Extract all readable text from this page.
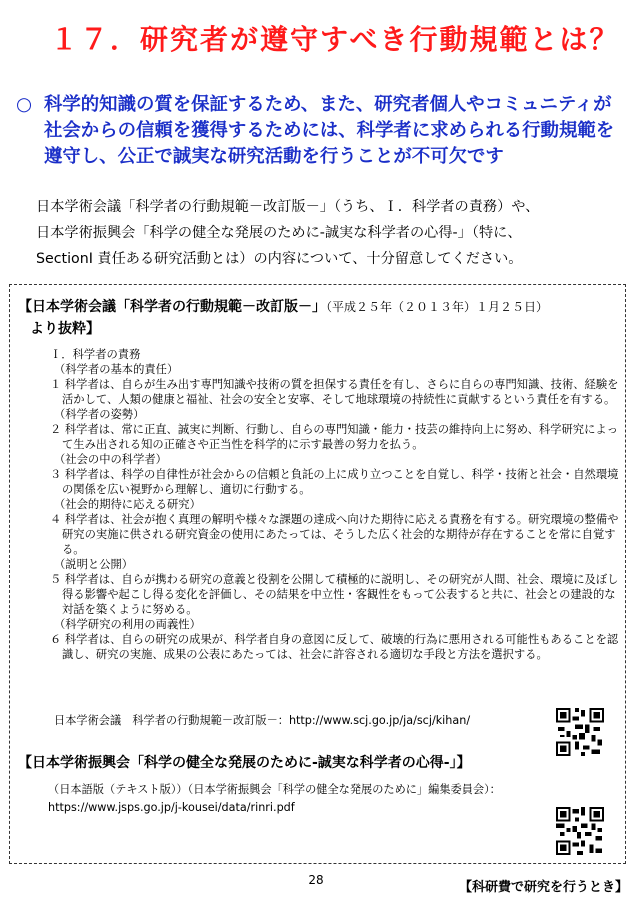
１７．研究者が遵守すべき行動規範とは？
○ 科学的知識の質を保証するため、また、研究者個人やコミュニティが社会からの信頼を獲得するためには、科学者に求められる行動規範を遵守し、公正で誠実な研究活動を行うことが不可欠です
日本学術会議「科学者の行動規範－改訂版－」（うち、Ｉ．科学者の責務）や、
日本学術振興会「科学の健全な発展のために-誠実な科学者の心得-」（特に、
SectionⅠ 責任ある研究活動とは）の内容について、十分留意してください。
【日本学術会議「科学者の行動規範－改訂版－」（平成２５年（２０１３年）１月２５日）
より抜粋】

Ｉ．科学者の責務

（科学者の基本的責任）

１ 科学者は、自らが生み出す専門知識や技術の質を担保する責任を有し、さらに自らの専門知識、技術、経験を活かして、人類の健康と福祉、社会の安全と安寧、そして地球環境の持続性に貢献するという責任を有する。

（科学者の姿勢）

２ 科学者は、常に正直、誠実に判断、行動し、自らの専門知識・能力・技芸の維持向上に努め、科学研究によって生み出される知の正確さや正当性を科学的に示す最善の努力を払う。

（社会の中の科学者）

３ 科学者は、科学の自律性が社会からの信頼と負託の上に成り立つことを自覚し、科学・技術と社会・自然環境の関係を広い視野から理解し、適切に行動する。

（社会的期待に応える研究）

４ 科学者は、社会が抱く真理の解明や様々な課題の達成へ向けた期待に応える責務を有する。研究環境の整備や研究の実施に供される研究資金の使用にあたっては、そうした広く社会的な期待が存在することを常に自覚する。

（説明と公開）

５ 科学者は、自らが携わる研究の意義と役割を公開して積極的に説明し、その研究が人間、社会、環境に及ぼし得る影響や起こし得る変化を評価し、その結果を中立性・客観性をもって公表すると共に、社会との建設的な対話を築くように努める。

（科学研究の利用の両義性）

６ 科学者は、自らの研究の成果が、科学者自身の意図に反して、破壊的行為に悪用される可能性もあることを認識し、研究の実施、成果の公表にあたっては、社会に許容される適切な手段と方法を選択する。

日本学術会議　科学者の行動規範－改訂版－：http://www.scj.go.jp/ja/scj/kihan/
【日本学術振興会「科学の健全な発展のために-誠実な科学者の心得-」】
（日本語版（テキスト版））（日本学術振興会「科学の健全な発展のために」編集委員会）：
https://www.jsps.go.jp/j-kousei/data/rinri.pdf
28	【科研費で研究を行うとき】
